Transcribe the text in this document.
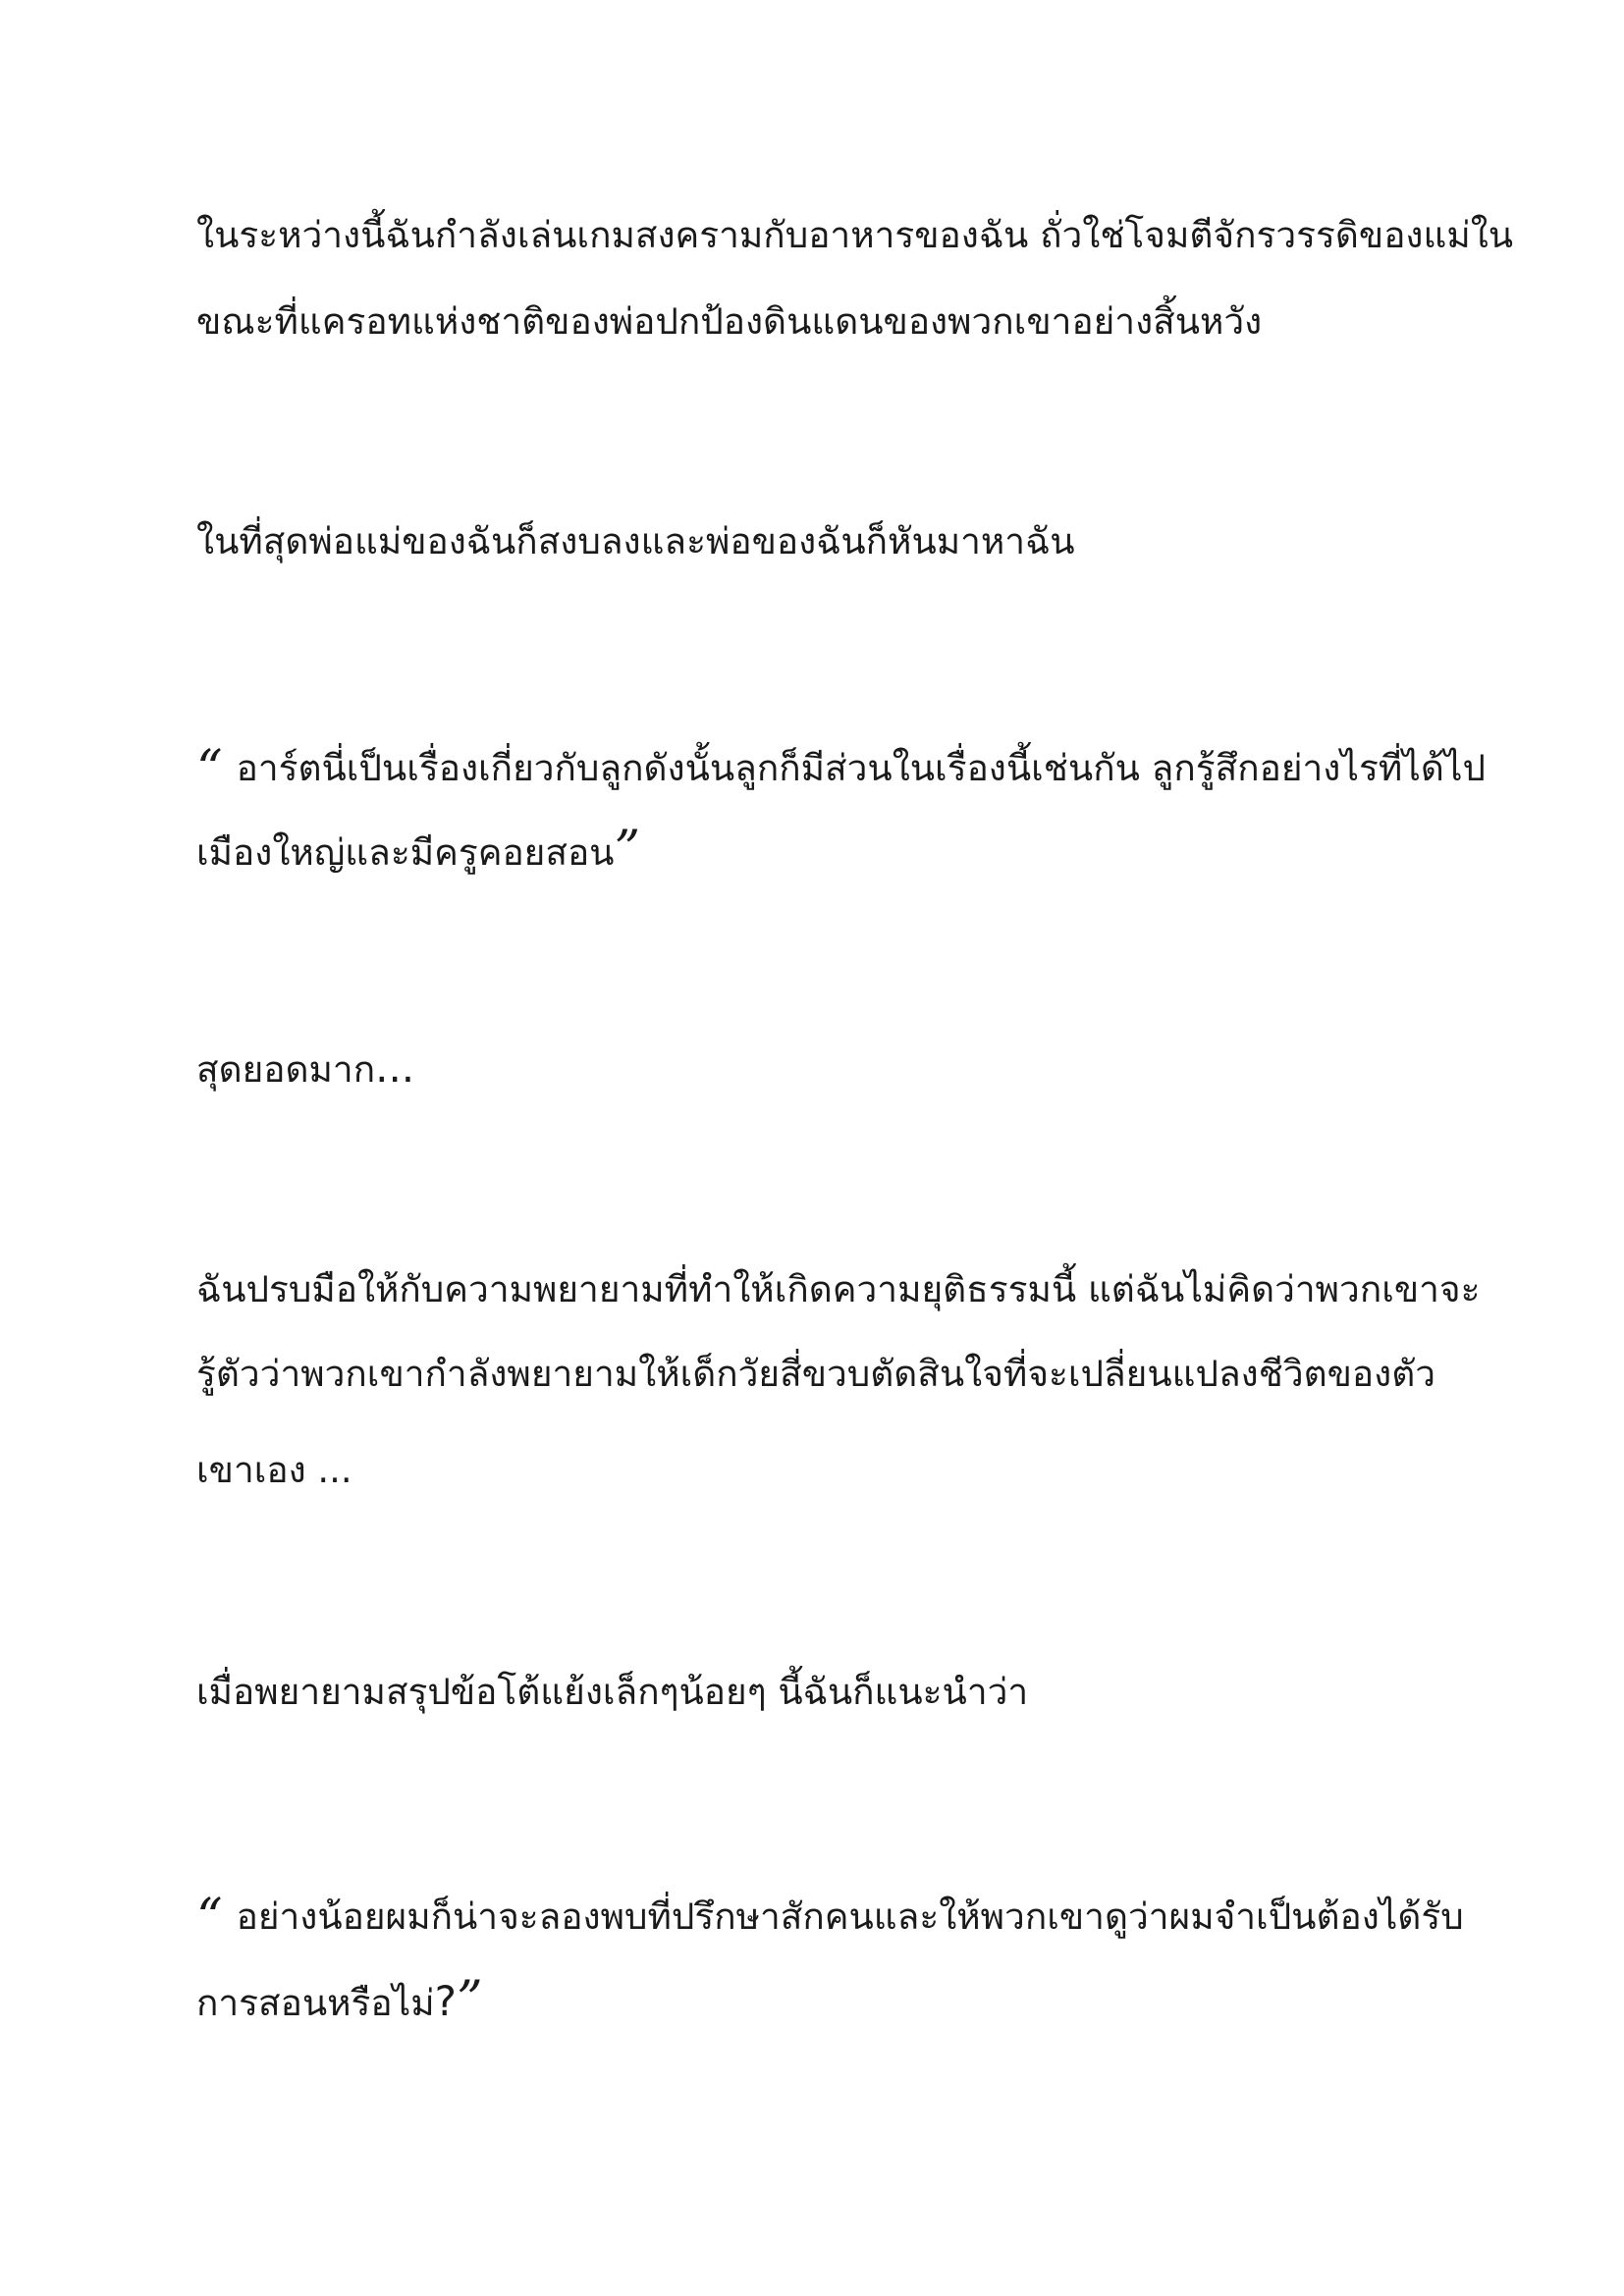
ในระหว่างนี้ฉันกำลังเล่นเกมสงครามกับอาหารของฉัน ถั่วใช่โจมตีจักรวรรดิของแม่ใน

ขณะที่แครอทแห่งชาติของพ่อปกป้องดินแดนของพวกเขาอย่างสิ้นหวัง

ในที่สุดพ่อแม่ของฉันก็สงบลงและพ่อของฉันก็หันมาหาฉัน

“ อาร์ตนี่เป็นเรื่องเกี่ยวกับลูกดังนั้นลูกก็มีส่วนในเรื่องนี้เช่นกัน ลูกรู้สึกอย่างไรที่ได้ไป

เมืองใหญ่และมีครูคอยสอน”

สุดยอดมาก...

ฉันปรบมือให้กับความพยายามที่ทำให้เกิดความยุติธรรมนี้ แต่ฉันไม่คิดว่าพวกเขาจะ

รู้ตัวว่าพวกเขากำลังพยายามให้เด็กวัยสี่ขวบตัดสินใจที่จะเปลี่ยนแปลงชีวิตของตัว

เขาเอง ...

เมื่อพยายามสรุปข้อโต้แย้งเล็กๆน้อยๆ นี้ฉันก็แนะนำว่า

“ อย่างน้อยผมก็น่าจะลองพบที่ปรึกษาสักคนและให้พวกเขาดูว่าผมจำเป็นต้องได้รับ

การสอนหรือไม่?”
